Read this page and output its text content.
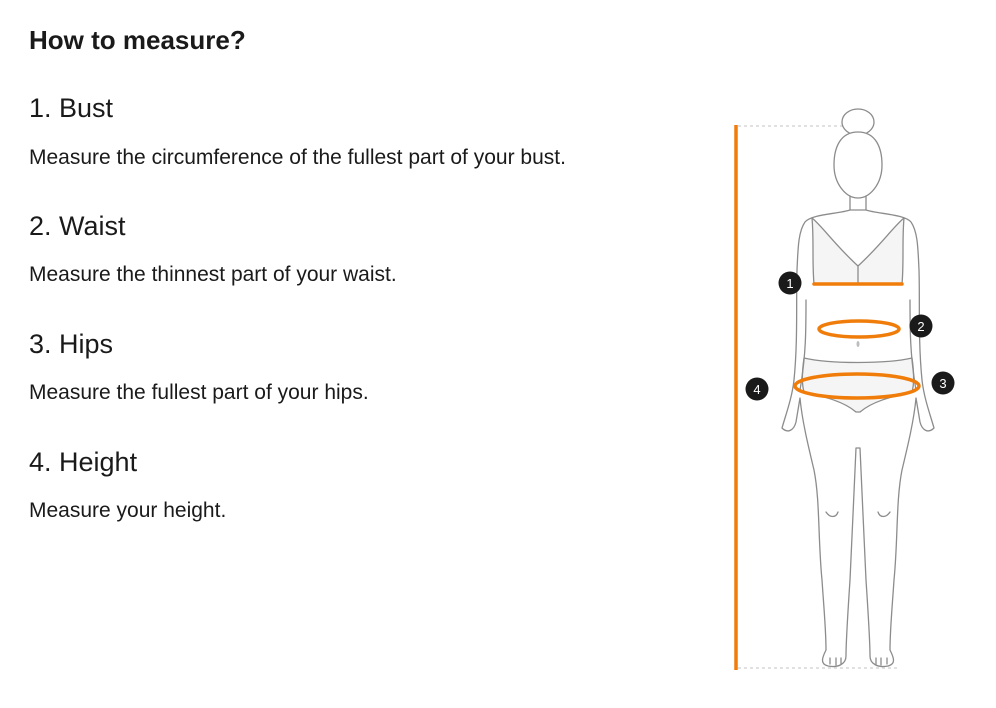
How to measure?
1. Bust

Measure the circumference of the fullest part of your bust.

2. Waist

Measure the thinnest part of your waist.

3. Hips

Measure the fullest part of your hips.

4. Height

Measure your height.

1
2
3
4
